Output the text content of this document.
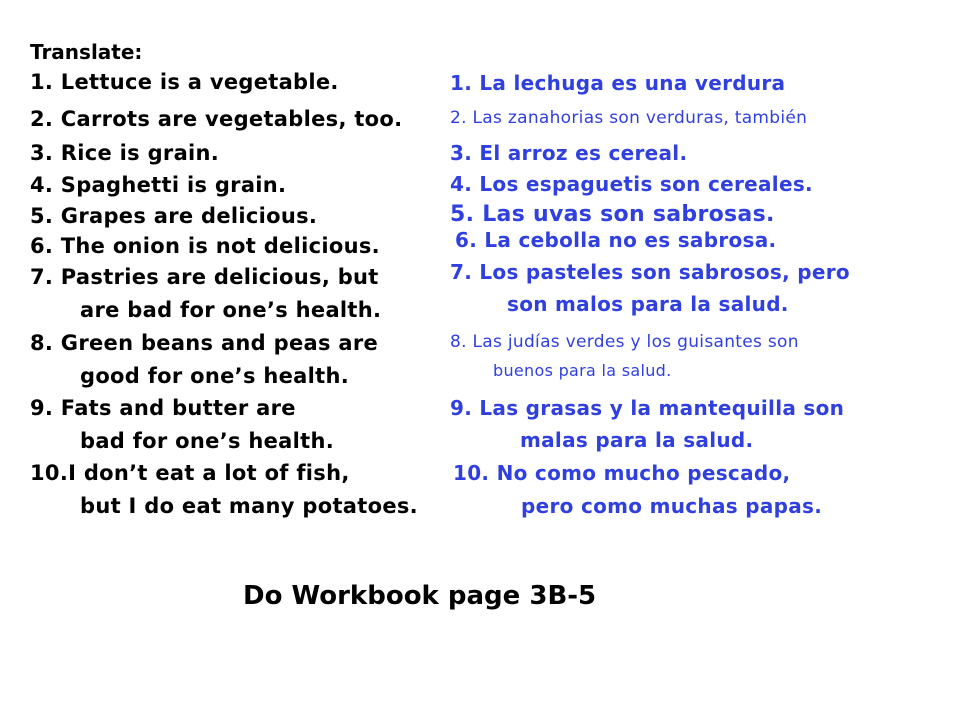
Translate:
1. Lettuce is a vegetable.
2. Carrots are vegetables, too.
3. Rice is grain.
4. Spaghetti is grain.
5. Grapes are delicious.
6. The onion is not delicious.
7. Pastries are delicious, but
are bad for one’s health.
8. Green beans and peas are
good for one’s health.
9. Fats and butter are
bad for one’s health.
10.I don’t eat a lot of fish,
but I do eat many potatoes.
1. La lechuga es una verdura
2. Las zanahorias son verduras, también
3. El arroz es cereal.
4. Los espaguetis son cereales.
5. Las uvas son sabrosas.
6. La cebolla no es sabrosa.
7. Los pasteles son sabrosos, pero
son malos para la salud.
8. Las judías verdes y los guisantes son
buenos para la salud.
9. Las grasas y la mantequilla son
malas para la salud.
10. No como mucho pescado,
pero como muchas papas.
Do Workbook page 3B-5
